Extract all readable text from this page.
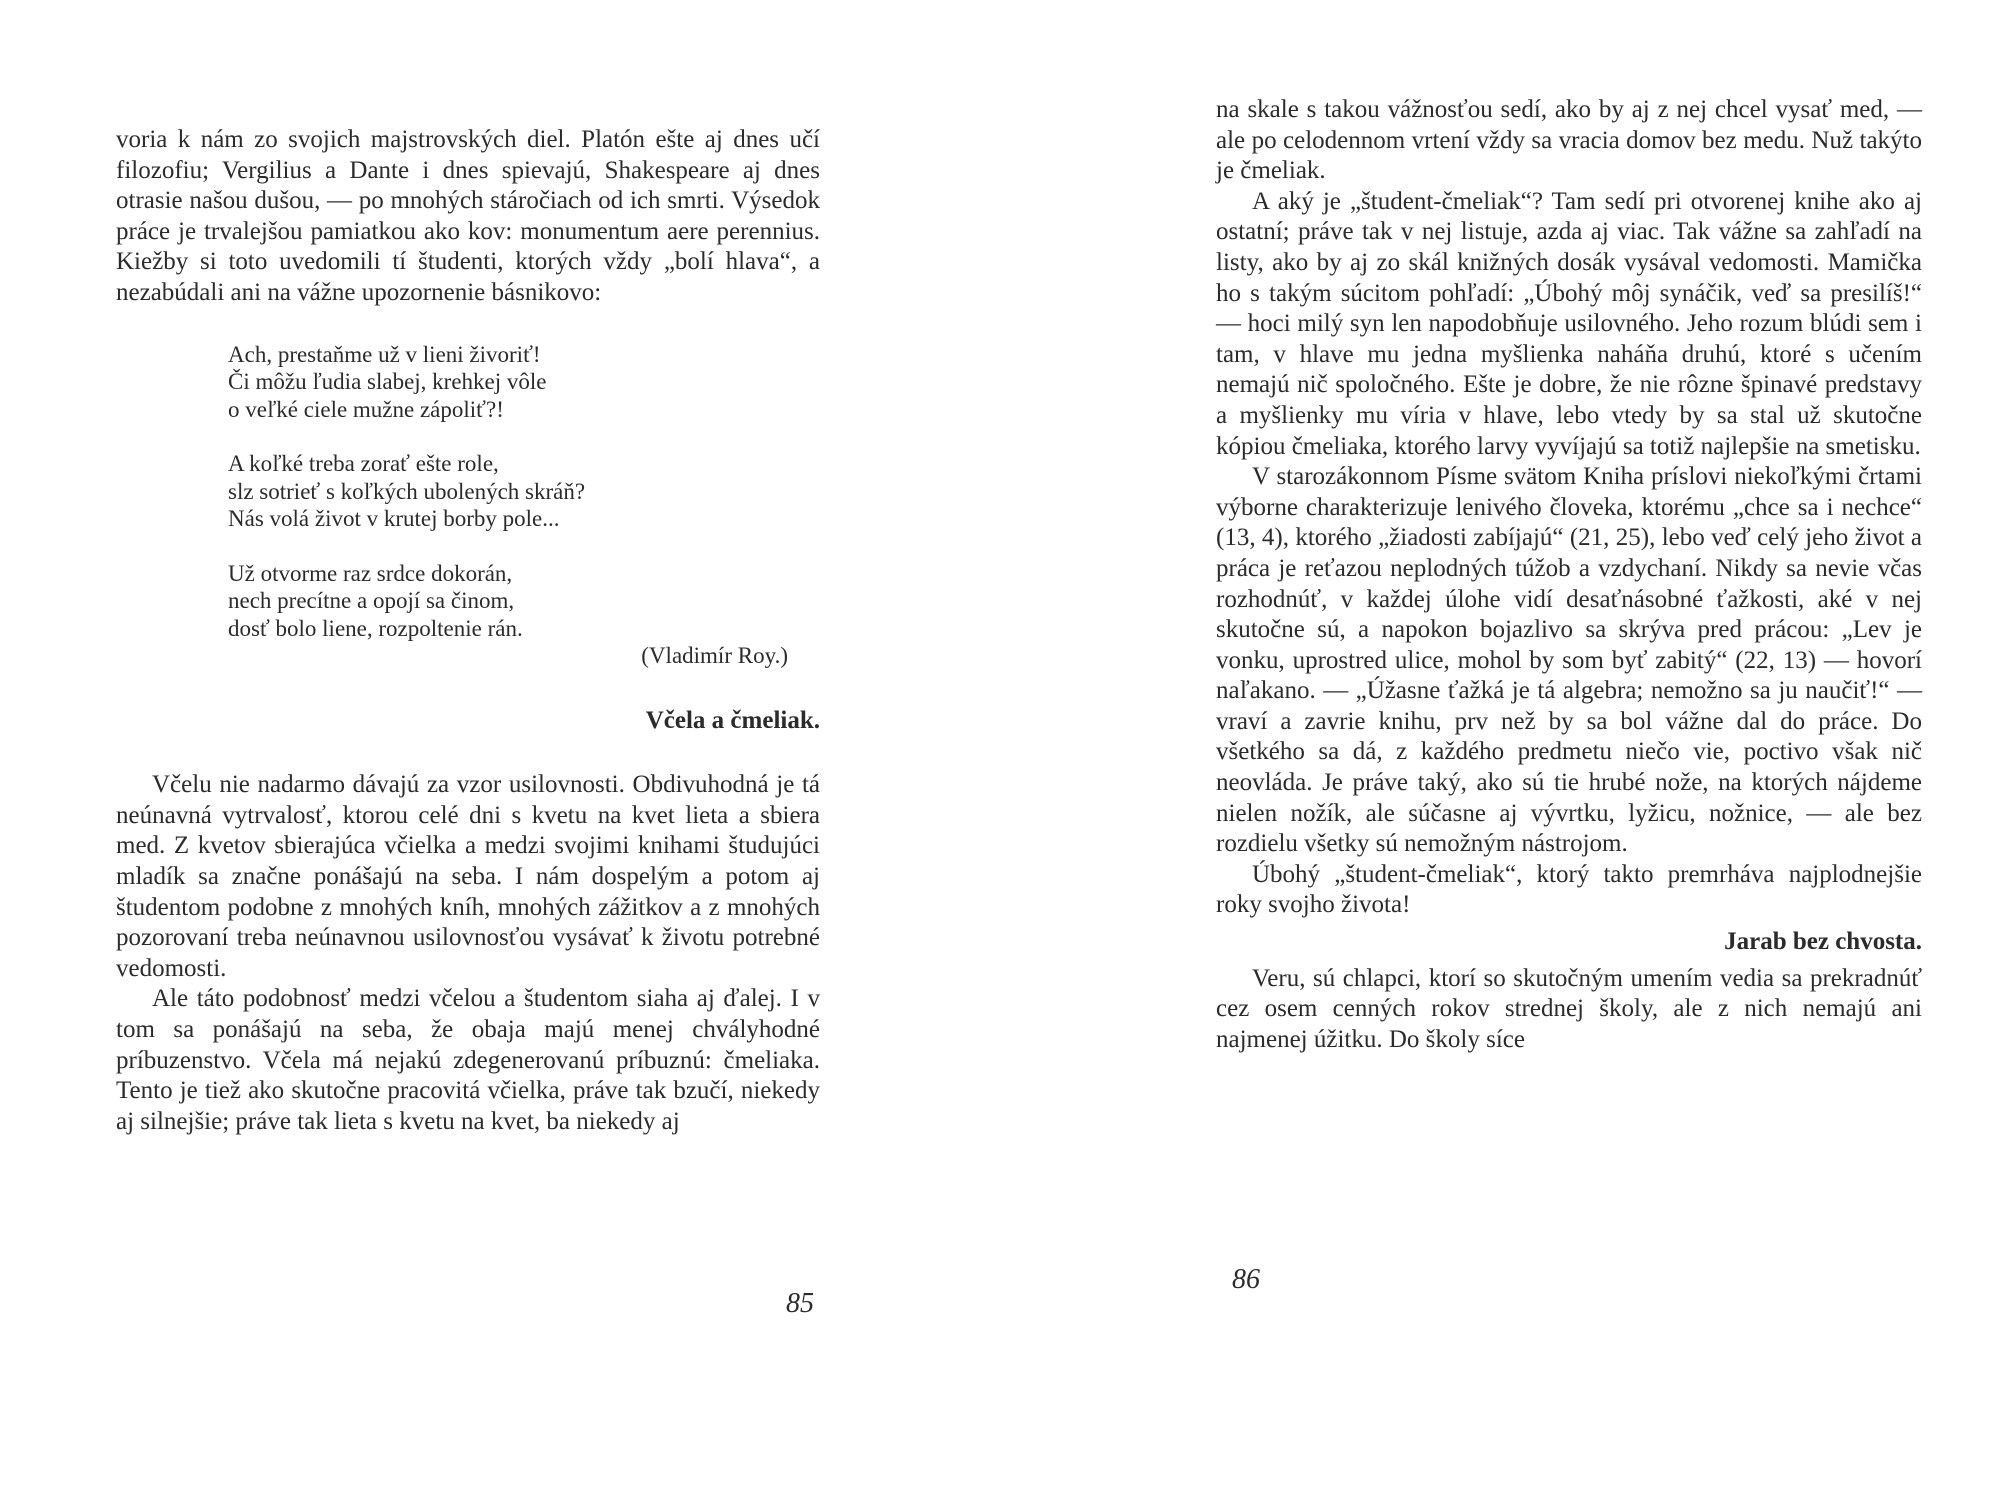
voria k nám zo svojich majstrovských diel. Platón ešte aj dnes učí filozofiu; Vergilius a Dante i dnes spievajú, Shakespeare aj dnes otrasie našou dušou, — po mnohých stáročiach od ich smrti. Výsedok práce je trvalejšou pamiatkou ako kov: monumentum aere perennius. Kiežby si toto uvedomili tí študenti, ktorých vždy „bolí hlava“, a nezabúdali ani na vážne upozornenie básnikovo:

Ach, prestaňme už v lieni živoriť!
Či môžu ľudia slabej, krehkej vôle
o veľké ciele mužne zápoliť?!
A koľké treba zorať ešte role,
slz sotrieť s koľkých ubolených skráň?
Nás volá život v krutej borby pole...
Už otvorme raz srdce dokorán,
nech precítne a opojí sa činom,
dosť bolo liene, rozpoltenie rán.
(Vladimír Roy.)
Včela a čmeliak.

Včelu nie nadarmo dávajú za vzor usilovnosti. Obdivuhodná je tá neúnavná vytrvalosť, ktorou celé dni s kvetu na kvet lieta a sbiera med. Z kvetov sbierajúca včielka a medzi svojimi knihami študujúci mladík sa značne ponášajú na seba. I nám dospelým a potom aj študentom podobne z mnohých kníh, mnohých zážitkov a z mnohých pozorovaní treba neúnavnou usilovnosťou vysávať k životu potrebné vedomosti.

Ale táto podobnosť medzi včelou a študentom siaha aj ďalej. I v tom sa ponášajú na seba, že obaja majú menej chvályhodné príbuzenstvo. Včela má nejakú zdegenerovanú príbuznú: čmeliaka. Tento je tiež ako skutočne pracovitá včielka, práve tak bzučí, niekedy aj silnejšie; práve tak lieta s kvetu na kvet, ba niekedy aj

85

na skale s takou vážnosťou sedí, ako by aj z nej chcel vysať med, — ale po celodennom vrtení vždy sa vracia domov bez medu. Nuž takýto je čmeliak.

A aký je „študent-čmeliak“? Tam sedí pri otvorenej knihe ako aj ostatní; práve tak v nej listuje, azda aj viac. Tak vážne sa zahľadí na listy, ako by aj zo skál knižných dosák vysával vedomosti. Mamička ho s takým súcitom pohľadí: „Úbohý môj synáčik, veď sa presilíš!“ — hoci milý syn len napodobňuje usilovného. Jeho rozum blúdi sem i tam, v hlave mu jedna myšlienka naháňa druhú, ktoré s učením nemajú nič spoločného. Ešte je dobre, že nie rôzne špinavé predstavy a myšlienky mu víria v hlave, lebo vtedy by sa stal už skutočne kópiou čmeliaka, ktorého larvy vyvíjajú sa totiž najlepšie na smetisku.

V starozákonnom Písme svätom Kniha príslovi niekoľkými črtami výborne charakterizuje lenivého človeka, ktorému „chce sa i nechce“ (13, 4), ktorého „žiadosti zabíjajú“ (21, 25), lebo veď celý jeho život a práca je reťazou neplodných túžob a vzdychaní. Nikdy sa nevie včas rozhodnúť, v každej úlohe vidí desaťnásobné ťažkosti, aké v nej skutočne sú, a napokon bojazlivo sa skrýva pred prácou: „Lev je vonku, uprostred ulice, mohol by som byť zabitý“ (22, 13) — hovorí naľakano. — „Úžasne ťažká je tá algebra; nemožno sa ju naučiť!“ — vraví a zavrie knihu, prv než by sa bol vážne dal do práce. Do všetkého sa dá, z každého predmetu niečo vie, poctivo však nič neovláda. Je práve taký, ako sú tie hrubé nože, na ktorých nájdeme nielen nožík, ale súčasne aj vývrtku, lyžicu, nožnice, — ale bez rozdielu všetky sú nemožným nástrojom.

Úbohý „študent-čmeliak“, ktorý takto premrháva najplodnejšie roky svojho života!

Jarab bez chvosta.

Veru, sú chlapci, ktorí so skutočným umením vedia sa prekradnúť cez osem cenných rokov strednej školy, ale z nich nemajú ani najmenej úžitku. Do školy síce

86
